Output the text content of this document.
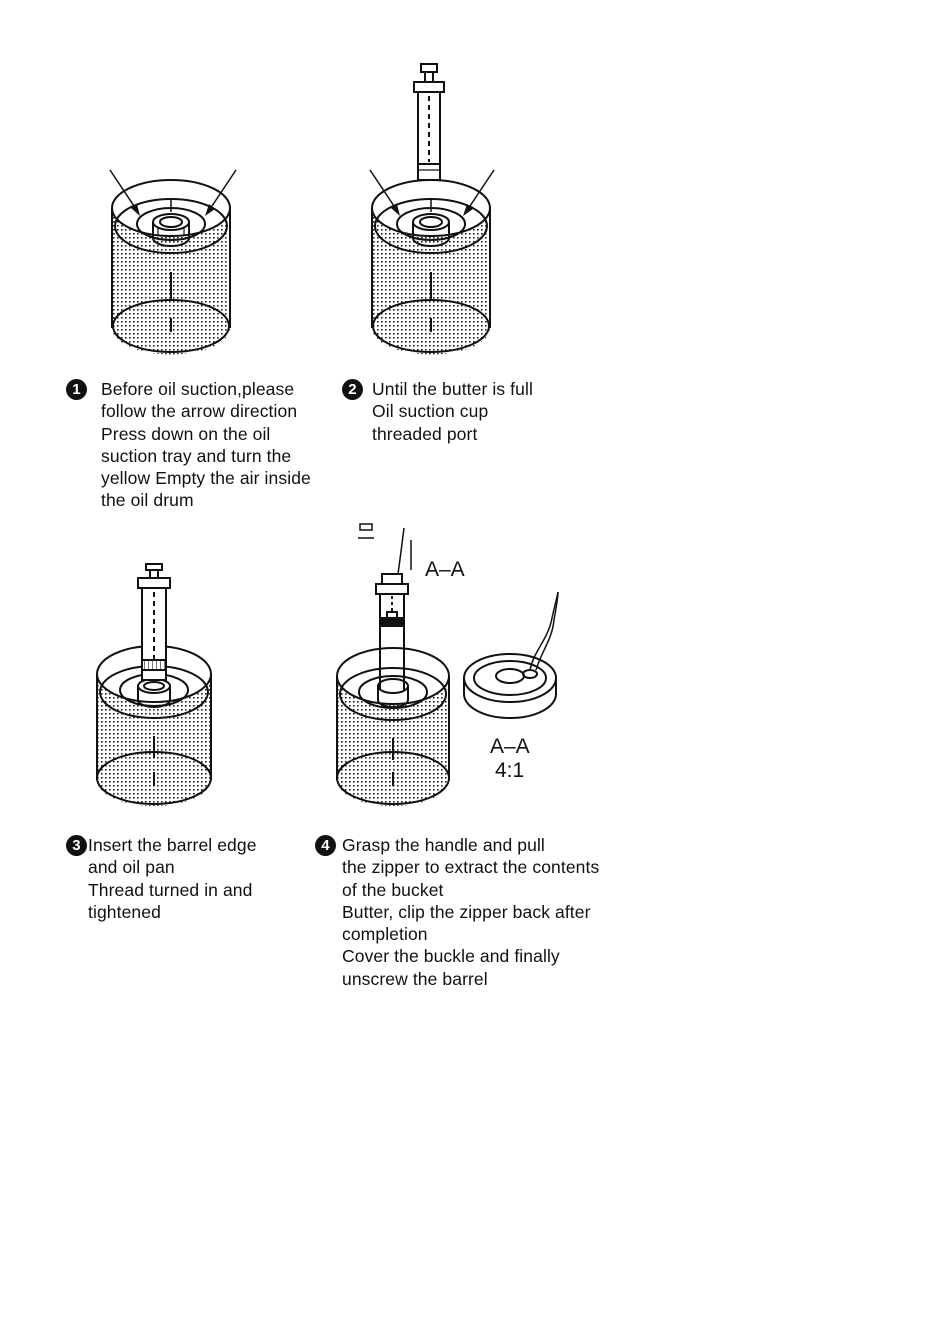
1	Before oil suction,please
follow the arrow direction
Press down on the oil
suction tray and turn the
yellow Empty the air inside
the oil drum
2 Until the butter is full
Oil suction cup
threaded port
3 Insert the barrel edge
and oil pan
Thread turned in and
tightened
4 Grasp the handle and pull
the zipper to extract the contents
of the bucket
Butter, clip the zipper back after
completion
Cover the buckle and finally
unscrew the barrel
A–A
A–A
4:1
